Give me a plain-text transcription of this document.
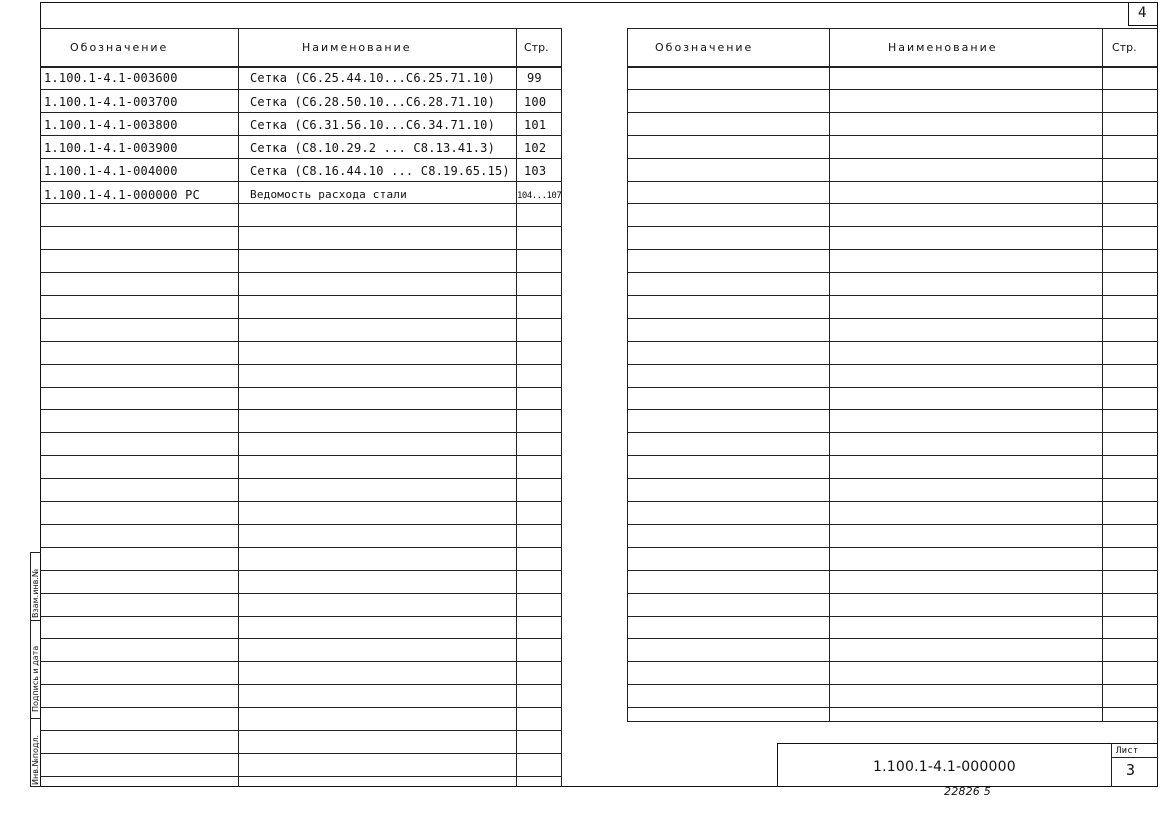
4
Обозначение	Наименование	Стр.
1.100.1-4.1-003600	Сетка (С6.25.44.10...С6.25.71.10)	99
1.100.1-4.1-003700	Сетка (С6.28.50.10...С6.28.71.10) 100
1.100.1-4.1-003800	Сетка (С6.31.56.10...С6.34.71.10) 101
1.100.1-4.1-003900	Сетка (С8.10.29.2 ... С8.13.41.3) 102
1.100.1-4.1-004000	Сетка (С8.16.44.10 ... С8.19.65.15) 103
1.100.1-4.1-000000 РС	Ведомость расхода стали	104...107
Обозначение	Наименование	Стр.
1.100.1-4.1-000000
Лист
3
22826 5
Взам.инв.№
Подпись и дата
Инв.№подл.
